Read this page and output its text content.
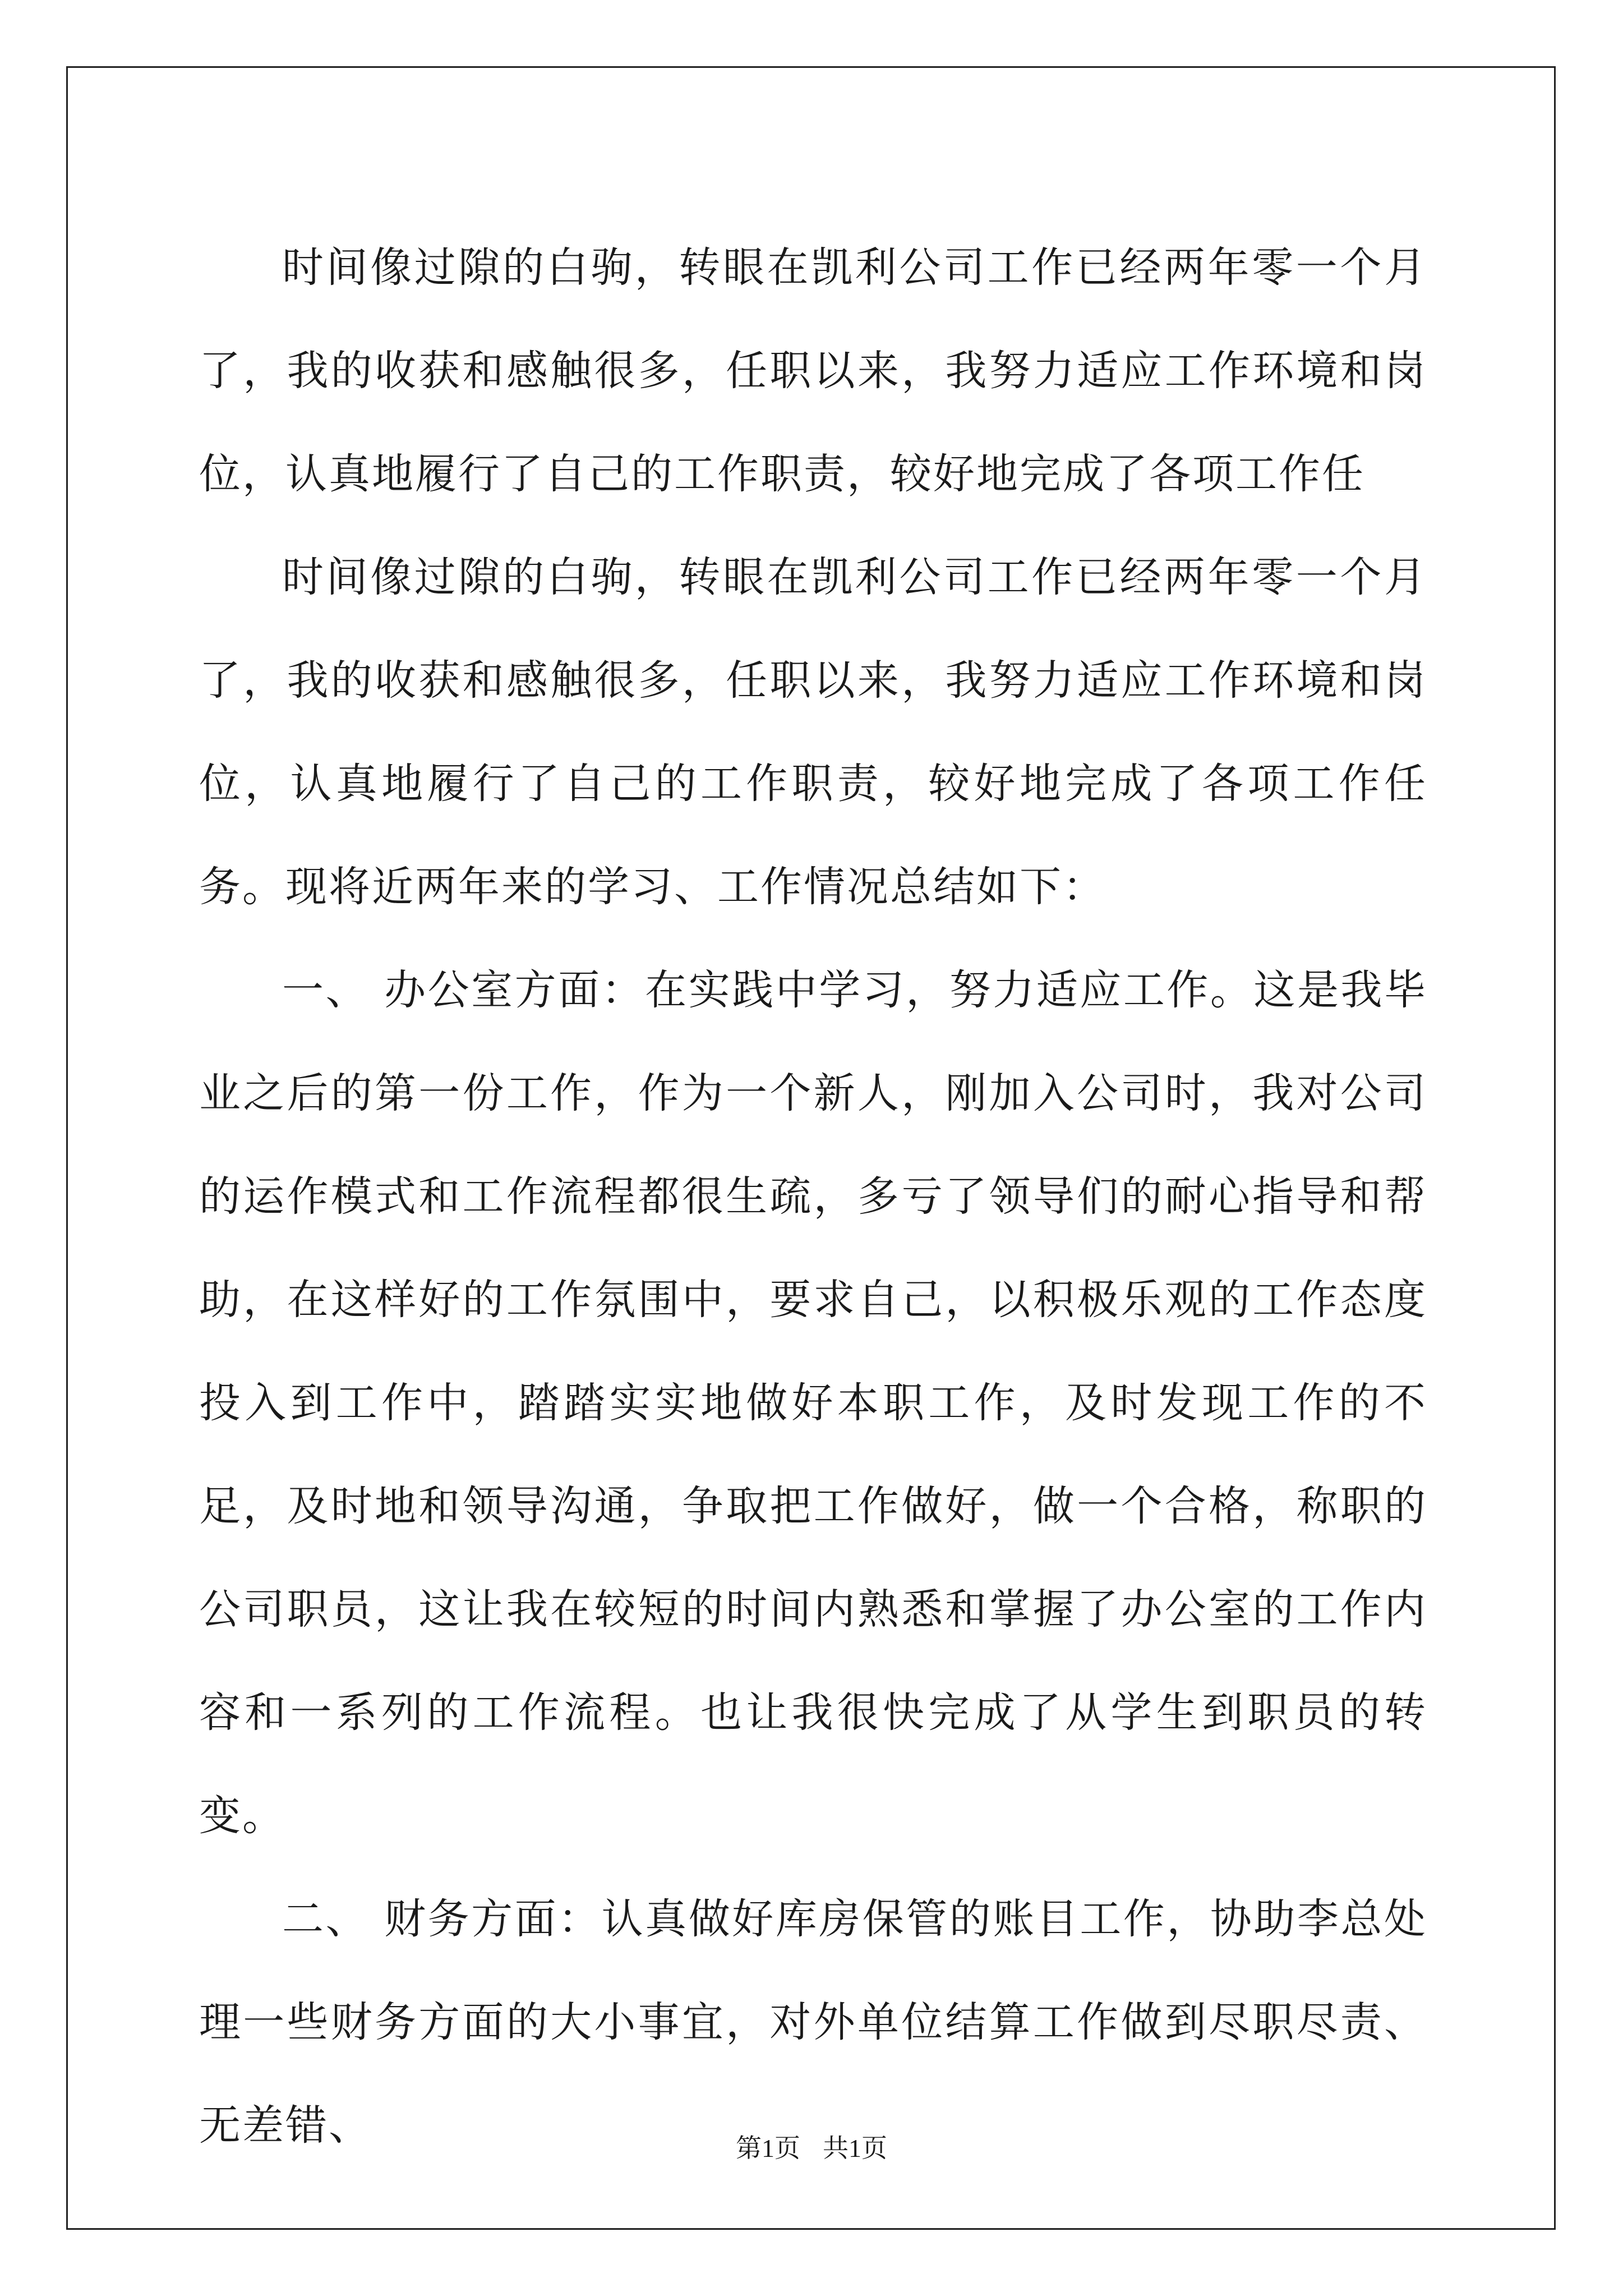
时间像过隙的白驹，转眼在凯利公司工作已经两年零一个月了，我的收获和感触很多，任职以来，我努力适应工作环境和岗位，认真地履行了自己的工作职责，较好地完成了各项工作任

时间像过隙的白驹，转眼在凯利公司工作已经两年零一个月了，我的收获和感触很多，任职以来，我努力适应工作环境和岗位，认真地履行了自己的工作职责，较好地完成了各项工作任务。现将近两年来的学习、工作情况总结如下：

一、 办公室方面：在实践中学习，努力适应工作。这是我毕业之后的第一份工作，作为一个新人，刚加入公司时，我对公司的运作模式和工作流程都很生疏，多亏了领导们的耐心指导和帮助，在这样好的工作氛围中，要求自己，以积极乐观的工作态度投入到工作中，踏踏实实地做好本职工作，及时发现工作的不足，及时地和领导沟通，争取把工作做好，做一个合格，称职的公司职员，这让我在较短的时间内熟悉和掌握了办公室的工作内容和一系列的工作流程。也让我很快完成了从学生到职员的转变。

二、 财务方面：认真做好库房保管的账目工作，协助李总处理一些财务方面的大小事宜，对外单位结算工作做到尽职尽责、无差错、	第1页 共1页
